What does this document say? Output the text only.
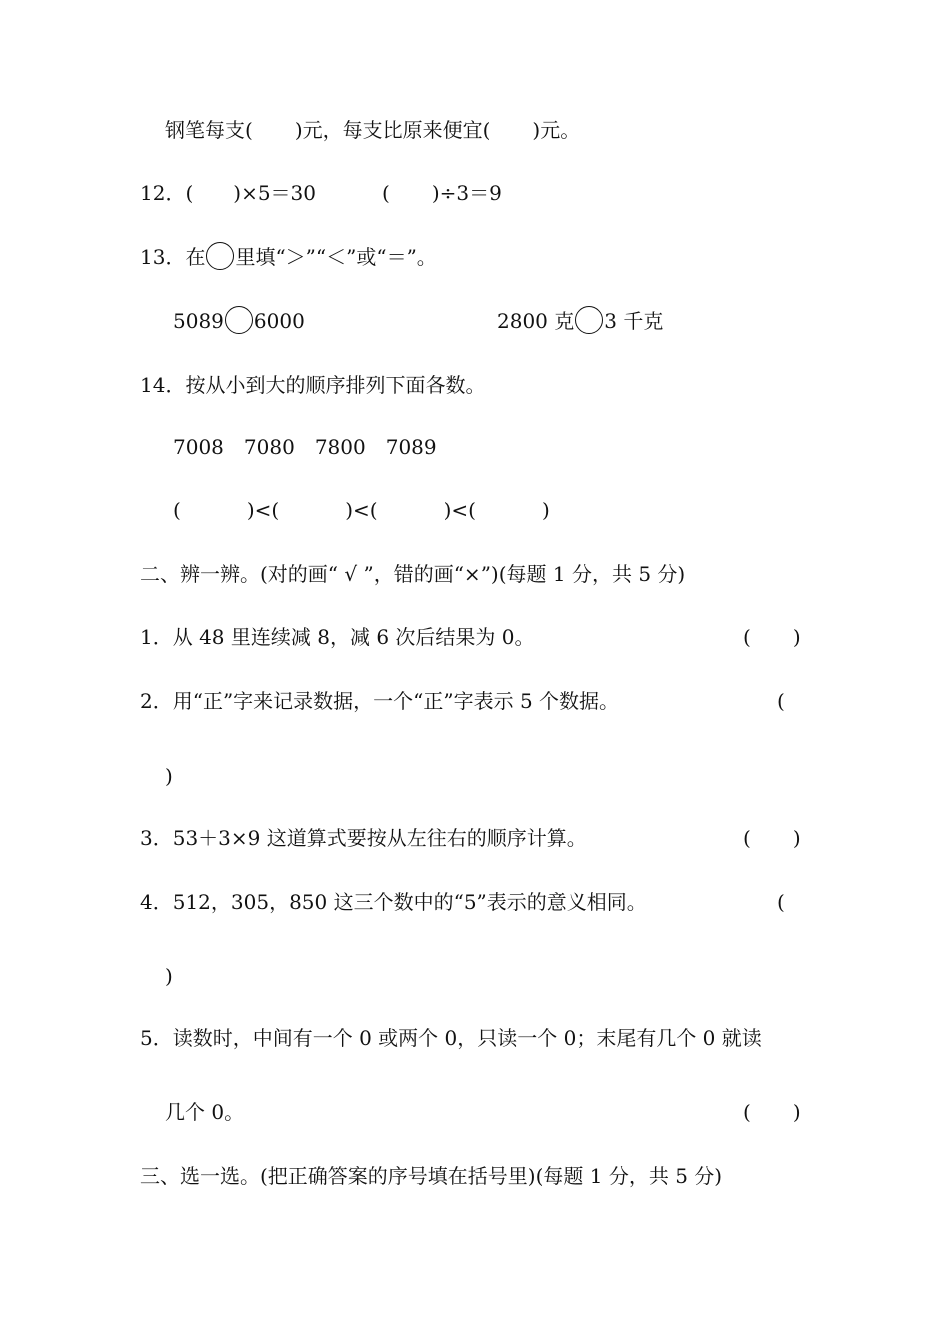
钢笔每支( )元，每支比原来便宜( )元。
12．( )×5＝30	( )÷3＝9
13．在 里填“＞”“＜”或“＝”。
5089 6000	2800 克 3 千克
14．按从小到大的顺序排列下面各数。
7008 7080 7800 7089
(	)<(	)<(	)<(	)
二、辨一辨。(对的画“ √ ”，错的画“×”)(每题 1 分，共 5 分)
1．从 48 里连续减 8，减 6 次后结果为 0。	( )
2．用“正”字来记录数据，一个“正”字表示 5 个数据。	(
)
3．53＋3×9 这道算式要按从左往右的顺序计算。	( )
4．512，305，850 这三个数中的“5”表示的意义相同。	(
)
5．读数时，中间有一个 0 或两个 0，只读一个 0；末尾有几个 0 就读
几个 0。	( )
三、选一选。(把正确答案的序号填在括号里)(每题 1 分，共 5 分)
